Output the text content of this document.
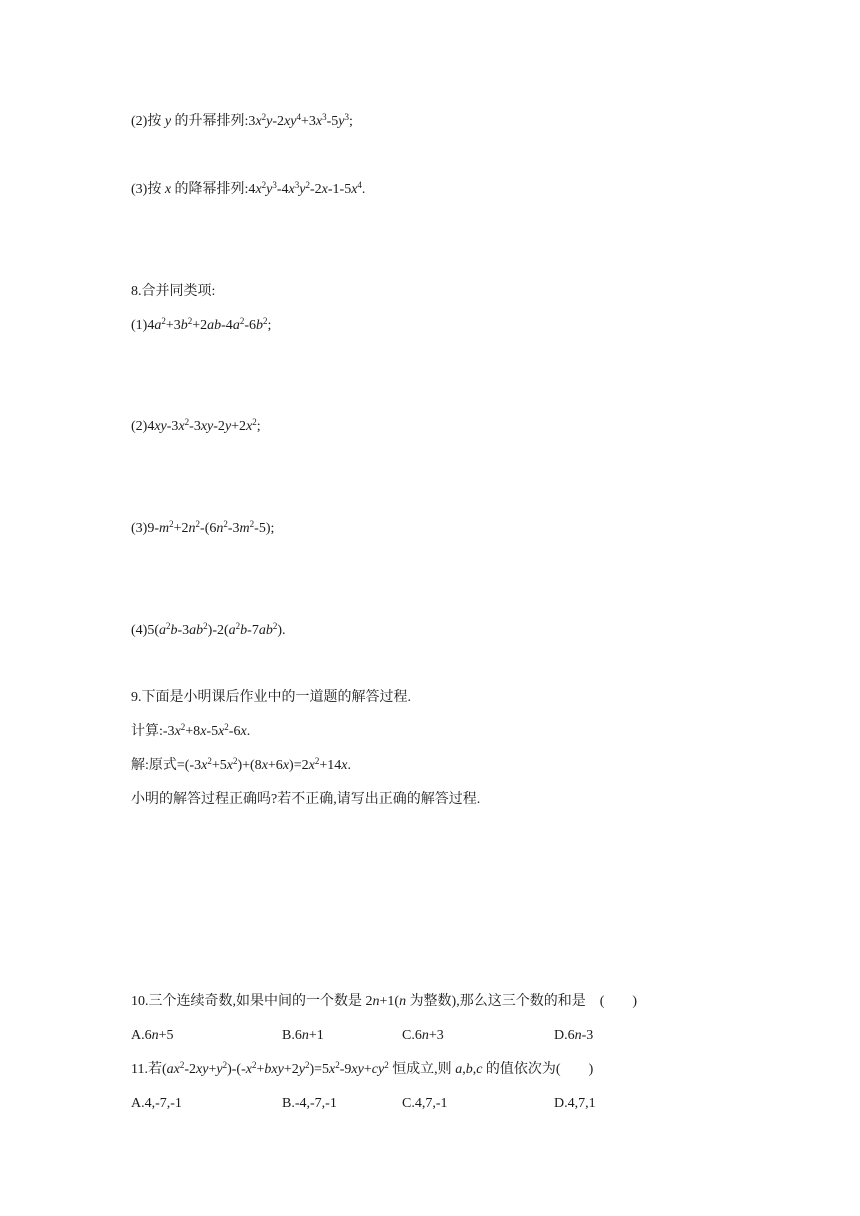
(2)按 y 的升幂排列$:3x^2y-2xy^4+3x^3-5y^3$;
(3)按 x 的降幂排列$:4x^2y^3-4x^3y^2-2x-1-5x^4$.
8.合并同类项:
$(1)4a^2+3b^2+2ab-4a^2-6b^2$;
$(2)4xy-3x^2-3xy-2y+2x^2$;
$(3)9-m^2+2n^2-(6n^2-3m^2-5)$;
$(4)5(a^2b-3ab^2)-2(a^2b-7ab^2)$.
9.下面是小明课后作业中的一道题的解答过程.
计算$:-3x^2+8x-5x^2-6x$.
解:原式$=(-3x^2+5x^2)+(8x+6x)=2x^2+14x$.
小明的解答过程正确吗?若不正确,请写出正确的解答过程.
10.三个连续奇数,如果中间的一个数是 2n+1(n 为整数),那么这三个数的和是　(　　)
A.6n+5	B.6n+1	C.6n+3	D.6n-3
11.若$(ax^2-2xy+y^2)-(-x^2+bxy+2y^2)=5x^2-9xy+cy^2$ 恒成立,则 a,b,c 的值依次为(　　)
A.4,-7,-1	B.-4,-7,-1	C.4,7,-1	D.4,7,1
